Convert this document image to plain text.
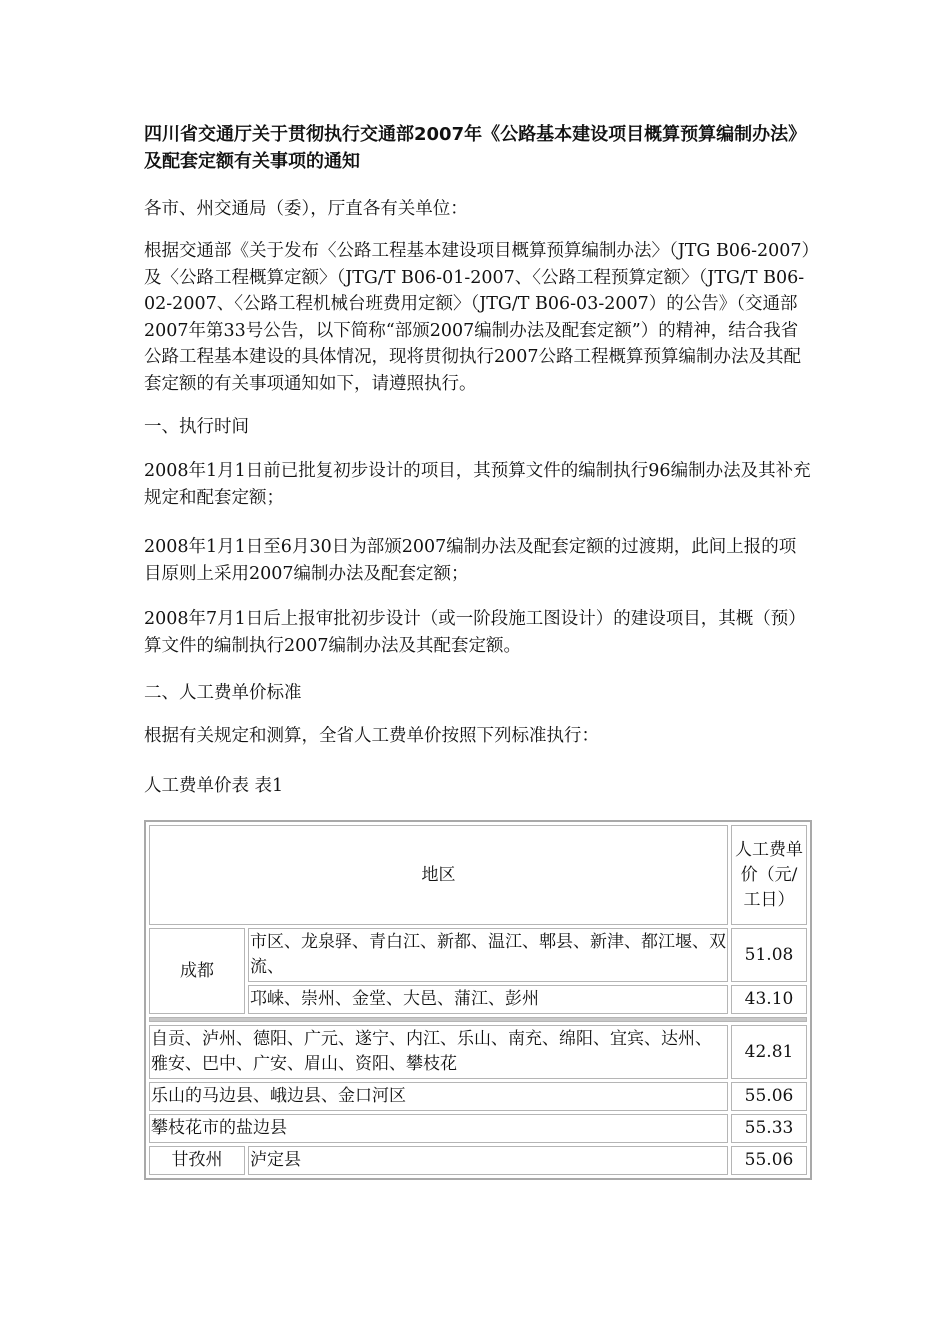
四川省交通厅关于贯彻执行交通部2007年《公路基本建设项目概算预算编制办法》及配套定额有关事项的通知

各市、州交通局（委），厅直各有关单位：

根据交通部《关于发布〈公路工程基本建设项目概算预算编制办法〉（JTG B06-2007）及〈公路工程概算定额〉（JTG/T B06-01-2007、〈公路工程预算定额〉（JTG/T B06-02-2007、〈公路工程机械台班费用定额〉（JTG/T B06-03-2007）的公告》（交通部2007年第33号公告，以下简称“部颁2007编制办法及配套定额”）的精神，结合我省公路工程基本建设的具体情况，现将贯彻执行2007公路工程概算预算编制办法及其配套定额的有关事项通知如下，请遵照执行。

一、执行时间

2008年1月1日前已批复初步设计的项目，其预算文件的编制执行96编制办法及其补充规定和配套定额；

2008年1月1日至6月30日为部颁2007编制办法及配套定额的过渡期，此间上报的项目原则上采用2007编制办法及配套定额；

2008年7月1日后上报审批初步设计（或一阶段施工图设计）的建设项目，其概（预）算文件的编制执行2007编制办法及其配套定额。

二、人工费单价标准

根据有关规定和测算，全省人工费单价按照下列标准执行：

人工费单价表 表1

地区		人工费单价（元/工日）
成都	市区、龙泉驿、青白江、新都、温江、郫县、新津、都江堰、双流、	51.08
	邛崃、崇州、金堂、大邑、蒲江、彭州	43.10

自贡、泸州、德阳、广元、遂宁、内江、乐山、南充、绵阳、宜宾、达州、雅安、巴中、广安、眉山、资阳、攀枝花		42.81
乐山的马边县、峨边县、金口河区		55.06
攀枝花市的盐边县		55.33
甘孜州	泸定县	55.06
